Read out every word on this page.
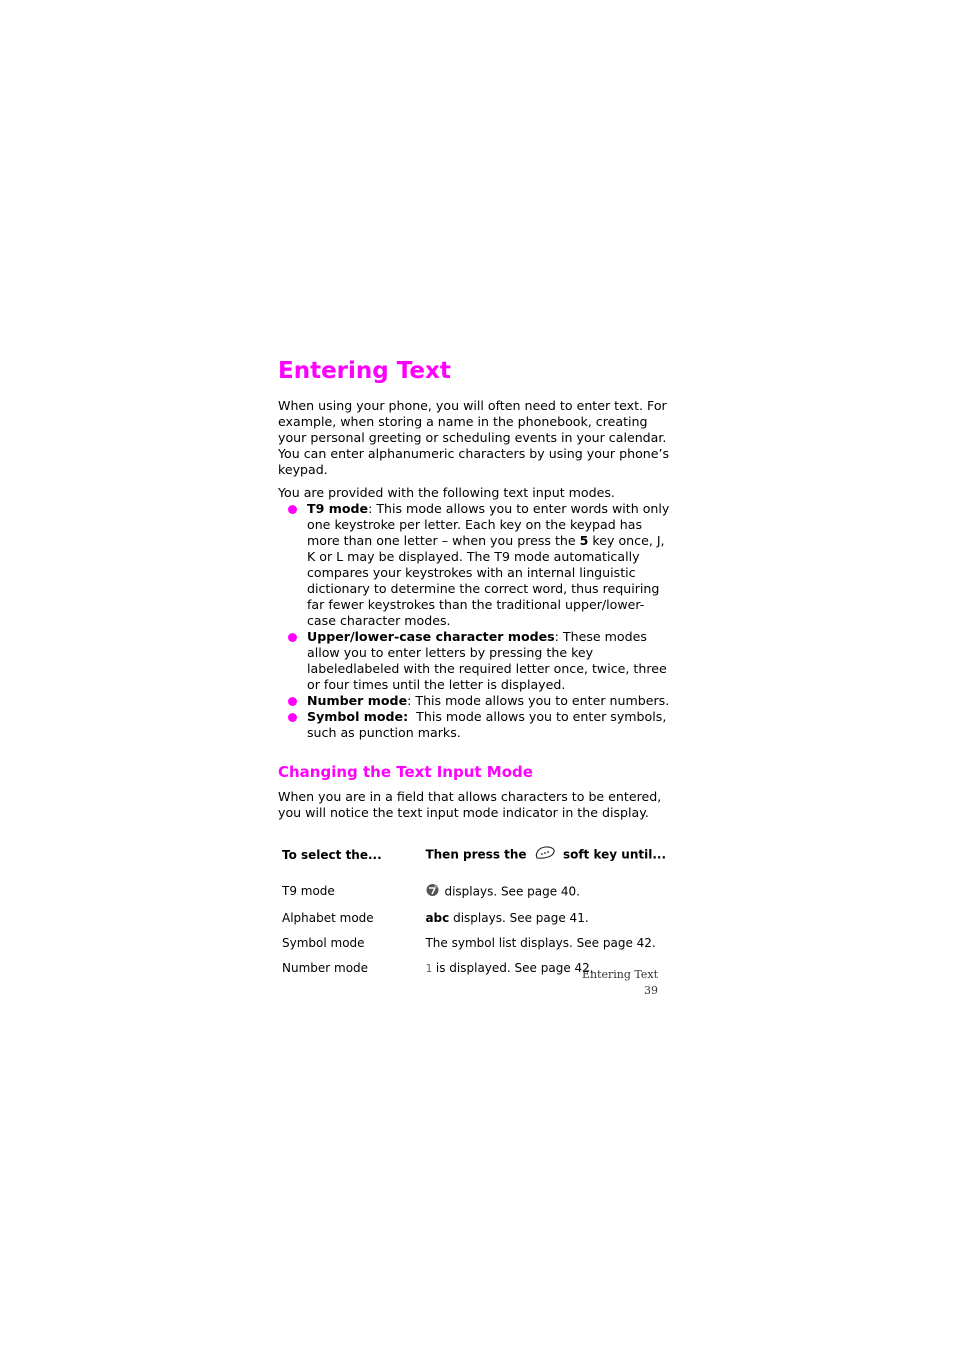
Entering Text

When using your phone, you will often need to enter text. For example, when storing a name in the phonebook, creating your personal greeting or scheduling events in your calendar. You can enter alphanumeric characters by using your phone’s keypad.

You are provided with the following text input modes.

T9 mode: This mode allows you to enter words with only one keystroke per letter. Each key on the keypad has more than one letter – when you press the 5 key once, J, K or L may be displayed. The T9 mode automatically compares your keystrokes with an internal linguistic dictionary to determine the correct word, thus requiring far fewer keystrokes than the traditional upper/lower-case character modes.
Upper/lower-case character modes: These modes allow you to enter letters by pressing the key labeledlabeled with the required letter once, twice, three or four times until the letter is displayed.
Number mode: This mode allows you to enter numbers.
Symbol mode:  This mode allows you to enter symbols, such as punction marks.
Changing the Text Input Mode

When you are in a field that allows characters to be entered, you will notice the text input mode indicator in the display.

To select the...	Then press the soft key until...
T9 mode	displays. See page 40.
Alphabet mode	abc displays. See page 41.
Symbol mode	The symbol list displays. See page 42.
Number mode	1 is displayed. See page 42.
Entering Text
39
